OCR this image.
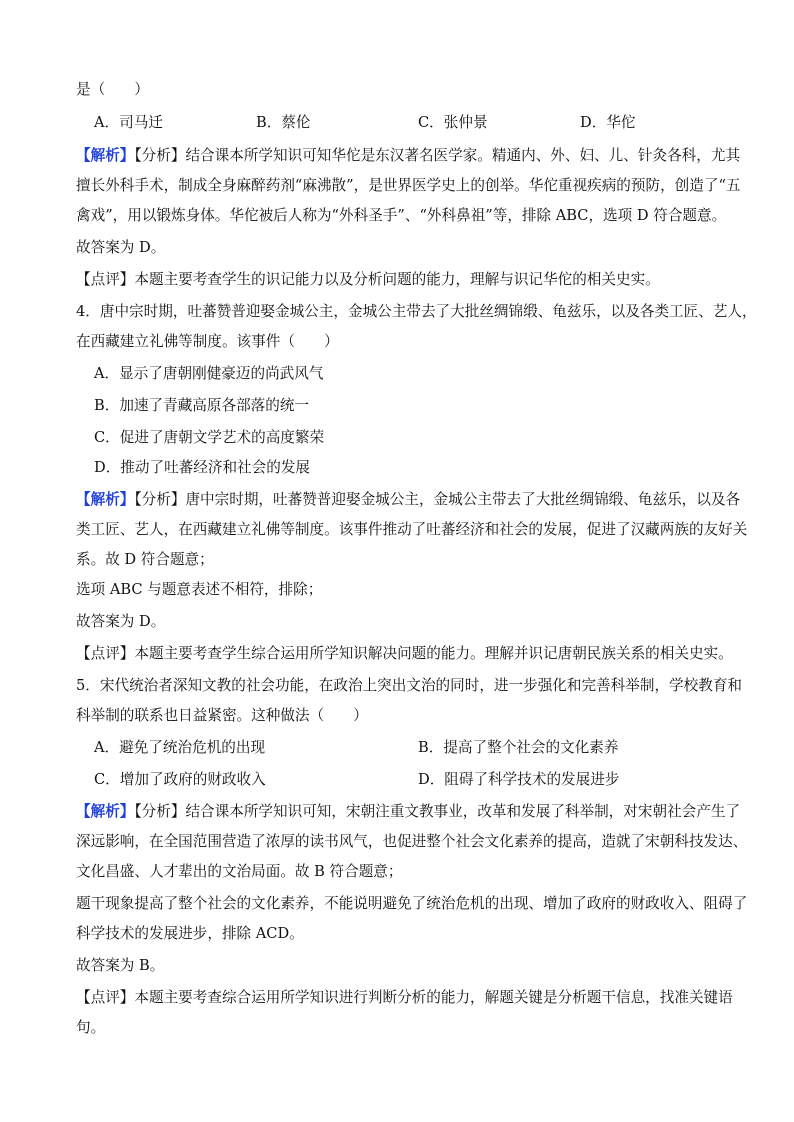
是（　　）
A．司马迁	B．蔡伦	C．张仲景	D．华佗
【解析】【分析】结合课本所学知识可知华佗是东汉著名医学家。精通内、外、妇、儿、针灸各科，尤其
擅长外科手术，制成全身麻醉药剂“麻沸散”，是世界医学史上的创举。华佗重视疾病的预防，创造了“五
禽戏”，用以锻炼身体。华佗被后人称为“外科圣手”、“外科鼻祖”等，排除 ABC，选项 D 符合题意。
故答案为 D。
【点评】本题主要考查学生的识记能力以及分析问题的能力，理解与识记华佗的相关史实。
4．唐中宗时期，吐蕃赞普迎娶金城公主，金城公主带去了大批丝绸锦缎、龟兹乐，以及各类工匠、艺人，
在西藏建立礼佛等制度。该事件（　　）
A．显示了唐朝刚健豪迈的尚武风气
B．加速了青藏高原各部落的统一
C．促进了唐朝文学艺术的高度繁荣
D．推动了吐蕃经济和社会的发展
【解析】【分析】唐中宗时期，吐蕃赞普迎娶金城公主，金城公主带去了大批丝绸锦缎、龟兹乐，以及各
类工匠、艺人，在西藏建立礼佛等制度。该事件推动了吐蕃经济和社会的发展，促进了汉藏两族的友好关
系。故 D 符合题意；
选项 ABC 与题意表述不相符，排除；
故答案为 D。
【点评】本题主要考查学生综合运用所学知识解决问题的能力。理解并识记唐朝民族关系的相关史实。
5．宋代统治者深知文教的社会功能，在政治上突出文治的同时，进一步强化和完善科举制，学校教育和
科举制的联系也日益紧密。这种做法（　　）
A．避免了统治危机的出现	B．提高了整个社会的文化素养
C．增加了政府的财政收入	D．阻碍了科学技术的发展进步
【解析】【分析】结合课本所学知识可知，宋朝注重文教事业，改革和发展了科举制，对宋朝社会产生了
深远影响，在全国范围营造了浓厚的读书风气，也促进整个社会文化素养的提高，造就了宋朝科技发达、
文化昌盛、人才辈出的文治局面。故 B 符合题意；
题干现象提高了整个社会的文化素养，不能说明避免了统治危机的出现、增加了政府的财政收入、阻碍了
科学技术的发展进步，排除 ACD。
故答案为 B。
【点评】本题主要考查综合运用所学知识进行判断分析的能力，解题关键是分析题干信息，找准关键语
句。
